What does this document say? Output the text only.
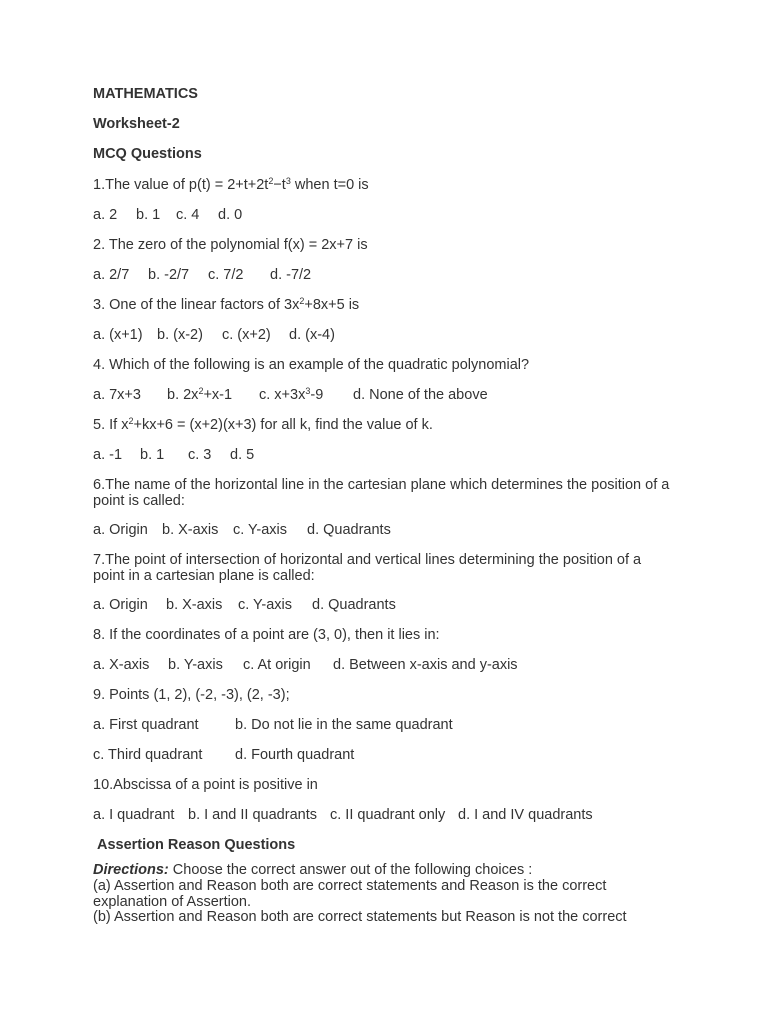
MATHEMATICS
Worksheet-2
MCQ Questions
1.The value of $p(t) = 2+t+2t^2-t^3$ when t=0 is
a. 2 b. 1 c. 4 d. 0
2. The zero of the polynomial f(x) = 2x+7 is
a. 2/7 b. -2/7 c. 7/2 d. -7/2
3. One of the linear factors of $3x^2+8x+5$ is
a. (x+1) b. (x-2) c. (x+2) d. (x-4)
4. Which of the following is an example of the quadratic polynomial?
a. 7x+3 b. $2x^2+x-1$ c. $x+3x^3-9$ d. None of the above
5. If $x^2+kx+6 = (x+2)(x+3)$ for all k, find the value of k.
a. -1 b. 1 c. 3 d. 5
6.The name of the horizontal line in the cartesian plane which determines the position of a point is called:
a. Origin b. X-axis c. Y-axis d. Quadrants
7.The point of intersection of horizontal and vertical lines determining the position of a point in a cartesian plane is called:
a. Origin b. X-axis c. Y-axis d. Quadrants
8. If the coordinates of a point are (3, 0), then it lies in:
a. X-axis b. Y-axis c. At origin d. Between x-axis and y-axis
9. Points (1, 2), (-2, -3), (2, -3);
a. First quadrant	b. Do not lie in the same quadrant
c. Third quadrant d. Fourth quadrant
10.Abscissa of a point is positive in
a. I quadrant b. I and II quadrants c. II quadrant only d. I and IV quadrants
Assertion Reason Questions
Directions: Choose the correct answer out of the following choices :
(a) Assertion and Reason both are correct statements and Reason is the correct explanation of Assertion.
(b) Assertion and Reason both are correct statements but Reason is not the correct
